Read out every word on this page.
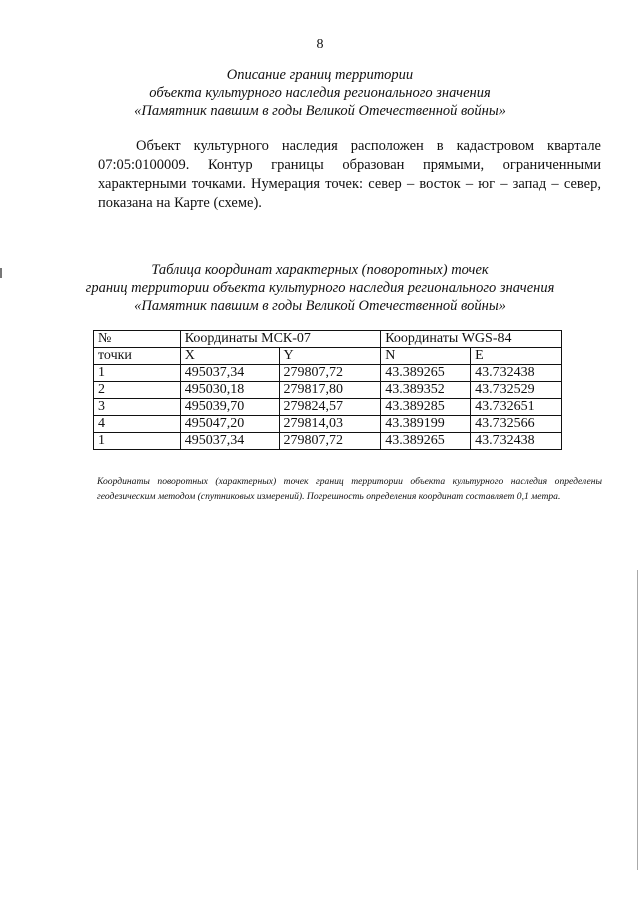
8
Описание границ территории
объекта культурного наследия регионального значения
«Памятник павшим в годы Великой Отечественной войны»

Объект культурного наследия расположен в кадастровом квартале 07:05:0100009. Контур границы образован прямыми, ограниченными характерными точками. Нумерация точек: север – восток – юг – запад – север, показана на Карте (схеме).

Таблица координат характерных (поворотных) точек
границ территории объекта культурного наследия регионального значения
«Памятник павшим в годы Великой Отечественной войны»
№	Координаты МСК-07		Координаты WGS-84	
точки	X	Y	N	E
1	495037,34	279807,72	43.389265	43.732438
2	495030,18	279817,80	43.389352	43.732529
3	495039,70	279824,57	43.389285	43.732651
4	495047,20	279814,03	43.389199	43.732566
1	495037,34	279807,72	43.389265	43.732438
Координаты поворотных (характерных) точек границ территории объекта культурного наследия определены геодезическим методом (спутниковых измерений). Погрешность определения координат составляет 0,1 метра.
